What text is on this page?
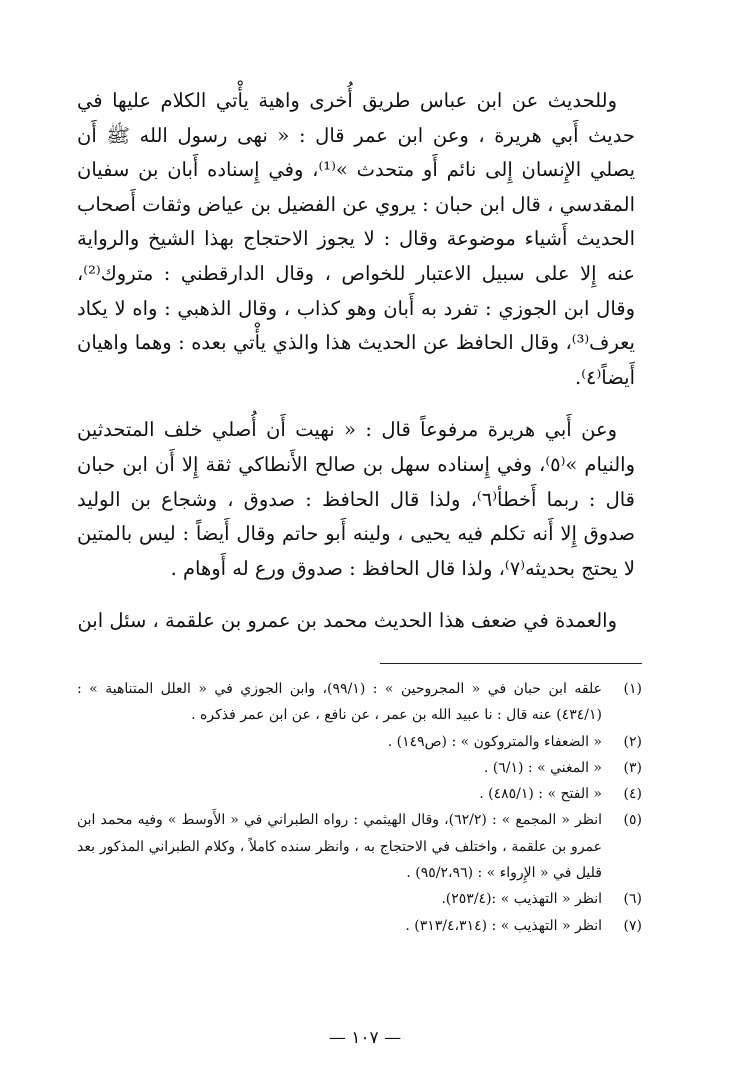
وللحديث عن ابن عباس طريق أُخرى واهية يأْتي الكلام عليها في حديث أَبي هريرة ، وعن ابن عمر قال : « نهى رسول الله ﷺ أَن يصلي الإِنسان إِلى نائم أَو متحدث »⁽¹⁾، وفي إِسناده أَبان بن سفيان المقدسي ، قال ابن حبان : يروي عن الفضيل بن عياض وثقات أَصحاب الحديث أَشياء موضوعة وقال : لا يجوز الاحتجاج بهذا الشيخ والرواية عنه إِلا على سبيل الاعتبار للخواص ، وقال الدارقطني : متروك⁽²⁾، وقال ابن الجوزي : تفرد به أَبان وهو كذاب ، وقال الذهبي : واه لا يكاد يعرف⁽³⁾، وقال الحافظ عن الحديث هذا والذي يأْتي بعده : وهما واهيان أَيضاً⁽٤⁾.

وعن أَبي هريرة مرفوعاً قال : « نهيت أَن أُصلي خلف المتحدثين والنيام »⁽٥⁾، وفي إِسناده سهل بن صالح الأَنطاكي ثقة إِلا أَن ابن حبان قال : ربما أَخطأ⁽٦⁾، ولذا قال الحافظ : صدوق ، وشجاع بن الوليد صدوق إِلا أَنه تكلم فيه يحيى ، ولينه أَبو حاتم وقال أَيضاً : ليس بالمتين لا يحتج بحديثه⁽٧⁾، ولذا قال الحافظ : صدوق ورع له أَوهام .

والعمدة في ضعف هذا الحديث محمد بن عمرو بن علقمة ، سئل ابن

(١)
علقه ابن حبان في « المجروحين » : (٩٩/١)، وابن الجوزي في « العلل المتناهية » : (٤٣٤/١) عنه قال : نا عبيد الله بن عمر ، عن نافع ، عن ابن عمر فذكره .
(٢)
« الضعفاء والمتروكون » : (ص١٤٩) .
(٣)
« المغني » : (٦/١) .
(٤)
« الفتح » : (٤٨٥/١) .
(٥)
انظر « المجمع » : (٦٢/٢)، وقال الهيثمي : رواه الطبراني في « الأَوسط » وفيه محمد ابن عمرو بن علقمة ، واختلف في الاحتجاج به ، وانظر سنده كاملاً ، وكلام الطبراني المذكور بعد قليل في « الإِرواء » : (٩٥/٢،٩٦) .
(٦)
انظر « التهذيب » :(٢٥٣/٤).
(٧)
انظر « التهذيب » : (٣١٣/٤،٣١٤) .
— ١٠٧ —
